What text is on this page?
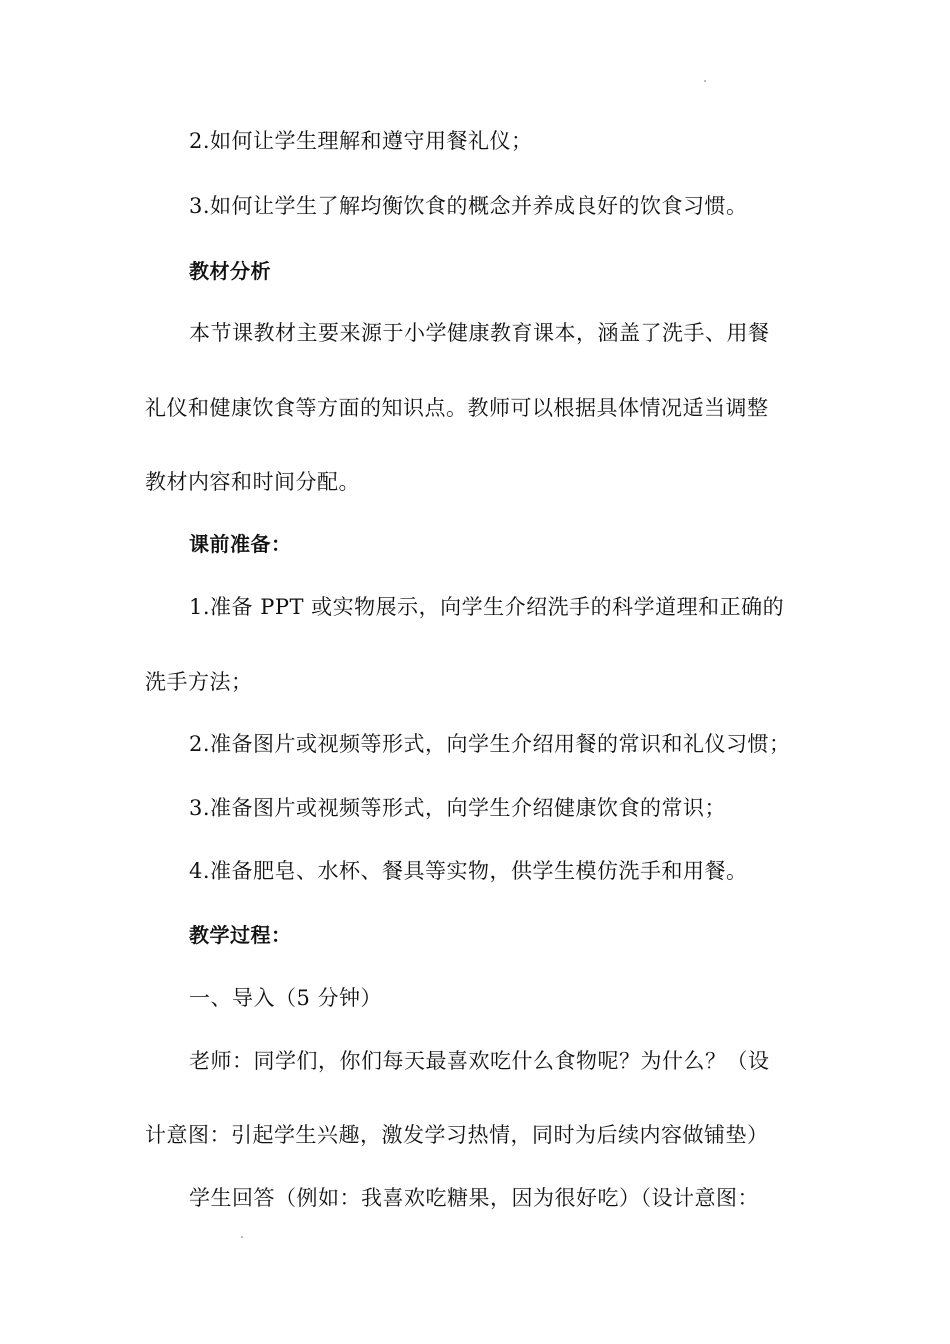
2.如何让学生理解和遵守用餐礼仪；
3.如何让学生了解均衡饮食的概念并养成良好的饮食习惯。
教材分析
本节课教材主要来源于小学健康教育课本，涵盖了洗手、用餐
礼仪和健康饮食等方面的知识点。教师可以根据具体情况适当调整
教材内容和时间分配。
课前准备：
1.准备 PPT 或实物展示，向学生介绍洗手的科学道理和正确的
洗手方法；
2.准备图片或视频等形式，向学生介绍用餐的常识和礼仪习惯；
3.准备图片或视频等形式，向学生介绍健康饮食的常识；
4.准备肥皂、水杯、餐具等实物，供学生模仿洗手和用餐。
教学过程：
一、导入（5 分钟）
老师：同学们，你们每天最喜欢吃什么食物呢？为什么？（设
计意图：引起学生兴趣，激发学习热情，同时为后续内容做铺垫）
学生回答（例如：我喜欢吃糖果，因为很好吃）（设计意图：
